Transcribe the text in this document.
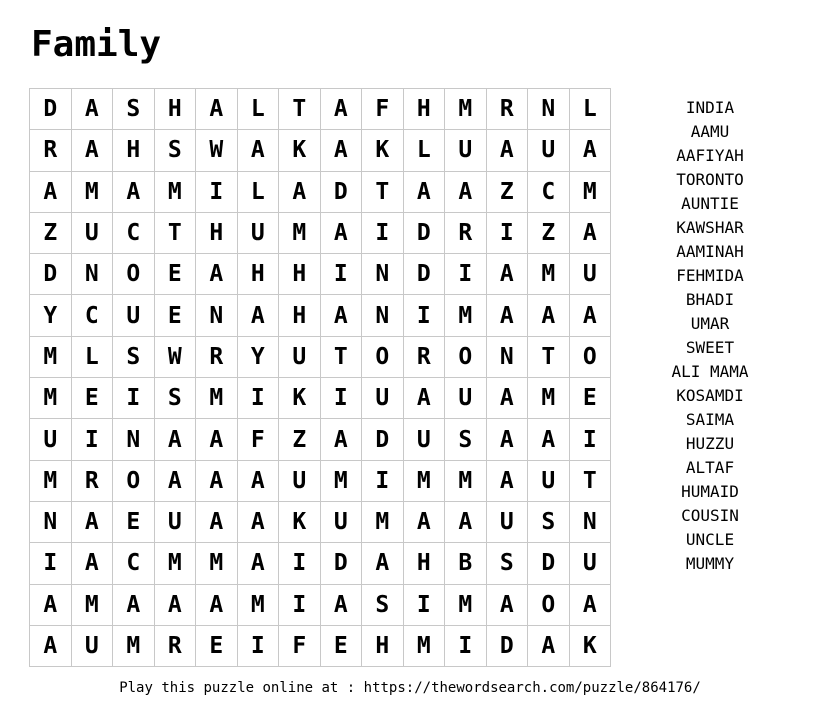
Family
D	A	S	H	A	L	T	A	F	H	M	R	N	L
R	A	H	S	W	A	K	A	K	L	U	A	U	A
A	M	A	M	I	L	A	D	T	A	A	Z	C	M
Z	U	C	T	H	U	M	A	I	D	R	I	Z	A
D	N	O	E	A	H	H	I	N	D	I	A	M	U
Y	C	U	E	N	A	H	A	N	I	M	A	A	A
M	L	S	W	R	Y	U	T	O	R	O	N	T	O
M	E	I	S	M	I	K	I	U	A	U	A	M	E
U	I	N	A	A	F	Z	A	D	U	S	A	A	I
M	R	O	A	A	A	U	M	I	M	M	A	U	T
N	A	E	U	A	A	K	U	M	A	A	U	S	N
I	A	C	M	M	A	I	D	A	H	B	S	D	U
A	M	A	A	A	M	I	A	S	I	M	A	O	A
A	U	M	R	E	I	F	E	H	M	I	D	A	K
INDIA
AAMU
AAFIYAH
TORONTO
AUNTIE
KAWSHAR
AAMINAH
FEHMIDA
BHADI
UMAR
SWEET
ALI MAMA
KOSAMDI
SAIMA
HUZZU
ALTAF
HUMAID
COUSIN
UNCLE
MUMMY
Play this puzzle online at : https://thewordsearch.com/puzzle/864176/
